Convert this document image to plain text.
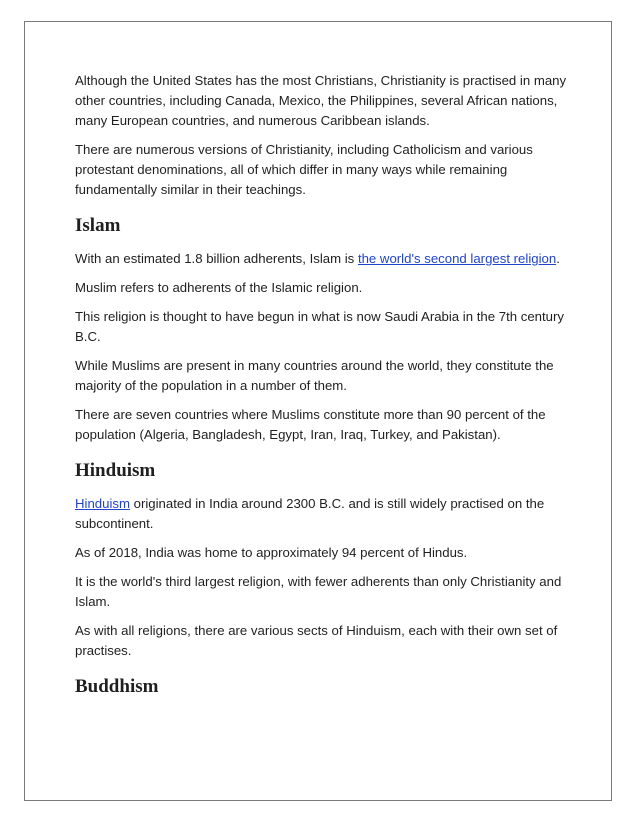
Although the United States has the most Christians, Christianity is practised in many other countries, including Canada, Mexico, the Philippines, several African nations, many European countries, and numerous Caribbean islands.

There are numerous versions of Christianity, including Catholicism and various protestant denominations, all of which differ in many ways while remaining fundamentally similar in their teachings.

Islam

With an estimated 1.8 billion adherents, Islam is the world's second largest religion.

Muslim refers to adherents of the Islamic religion.

This religion is thought to have begun in what is now Saudi Arabia in the 7th century B.C.

While Muslims are present in many countries around the world, they constitute the majority of the population in a number of them.

There are seven countries where Muslims constitute more than 90 percent of the population (Algeria, Bangladesh, Egypt, Iran, Iraq, Turkey, and Pakistan).

Hinduism

Hinduism originated in India around 2300 B.C. and is still widely practised on the subcontinent.

As of 2018, India was home to approximately 94 percent of Hindus.

It is the world's third largest religion, with fewer adherents than only Christianity and Islam.

As with all religions, there are various sects of Hinduism, each with their own set of practises.

Buddhism
